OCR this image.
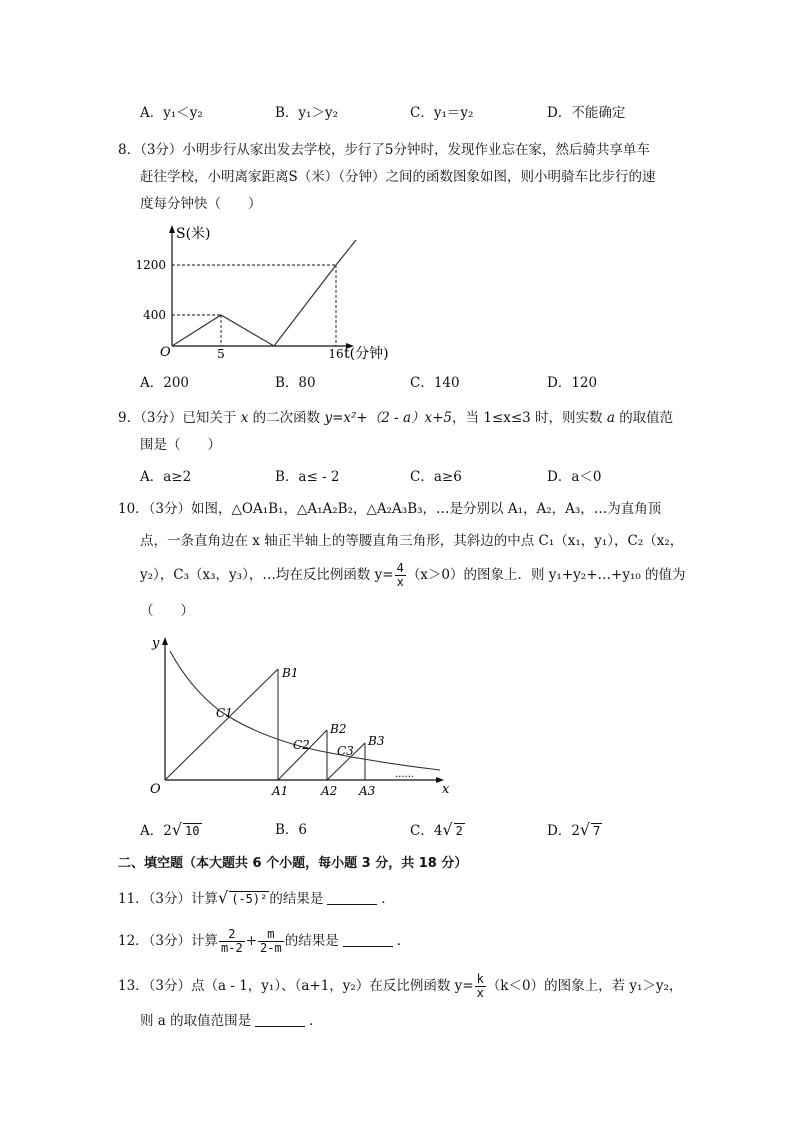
A．y₁＜y₂	B．y₁＞y₂	C．y₁＝y₂	D．不能确定
8．（3分）小明步行从家出发去学校，步行了5分钟时，发现作业忘在家，然后骑共享单车
赶往学校，小明离家距离S（米）（分钟）之间的函数图象如图，则小明骑车比步行的速
度每分钟快（　　）
S(米)
1200
400
O	5	16 t(分钟)
A．200	B．80	C．140	D．120
9．（3分）已知关于 x 的二次函数 y=x²+（2 - a）x+5，当 1≤x≤3 时，则实数 a 的取值范
围是（　　）
A．a≥2	B．a≤ - 2	C．a≥6	D．a＜0
10．（3分）如图，△OA₁B₁，△A₁A₂B₂，△A₂A₃B₃，…是分别以 A₁，A₂，A₃，…为直角顶
点，一条直角边在 x 轴正半轴上的等腰直角三角形，其斜边的中点 C₁（x₁，y₁），C₂（x₂，
y₂），C₃（x₃，y₃），…均在反比例函数 $y= \frac{4}{x} (x>0)$的图象上．则 y₁+y₂+…+y₁₀ 的值为
（　　）
y
O	x
B1
B2
B3
C1
C2 C3
A1	A2 A3
......
A．2√ 10	B．6	C．4√ 2	D．2√ 7
二、填空题（本大题共 6 个小题，每小题 3 分，共 18 分）
11．（3分）计算√ (-5)² 的结果是	．
12．（3分）计算 $\frac{2}{m-2} + \frac{m}{2-m}$ 的结果是	．
13．（3分）点（a - 1，y₁）、（a+1，y₂）在反比例函数 $y= \frac{k}{x} (k<0)$的图象上，若 y₁＞y₂，
则 a 的取值范围是	．
